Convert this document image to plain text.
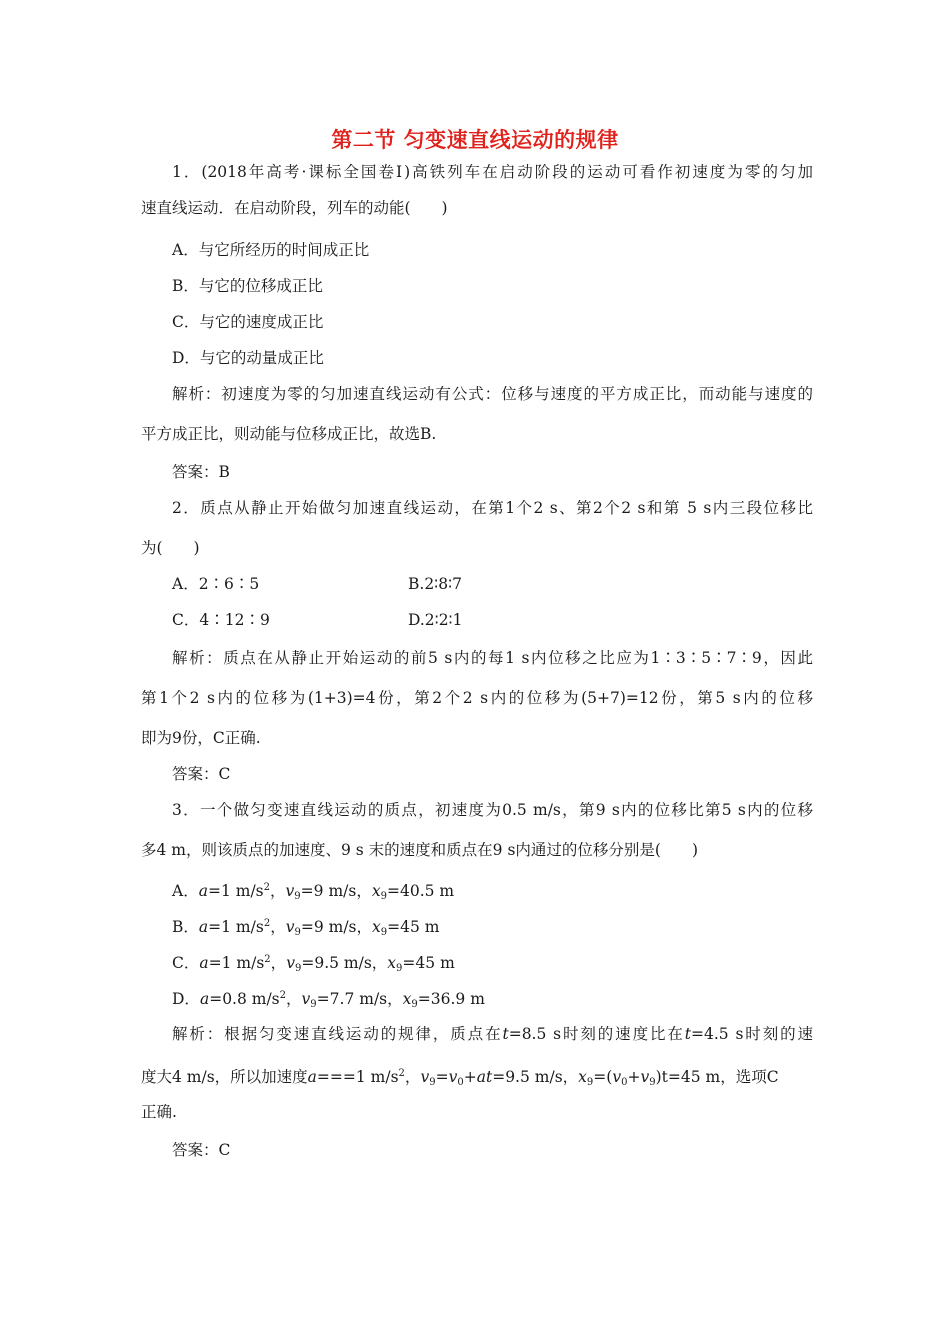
第二节 匀变速直线运动的规律
1．(2018年高考·课标全国卷Ⅰ)高铁列车在启动阶段的运动可看作初速度为零的匀加
速直线运动．在启动阶段，列车的动能(　　)
A．与它所经历的时间成正比
B．与它的位移成正比
C．与它的速度成正比
D．与它的动量成正比
解析：初速度为零的匀加速直线运动有公式：位移与速度的平方成正比，而动能与速度的
平方成正比，则动能与位移成正比，故选B.
答案：B
2．质点从静止开始做匀加速直线运动，在第1个2 s、第2个2 s和第 5 s内三段位移比
为(　　)
A．2∶6∶5	B.2∶8∶7
C．4∶12∶9	D.2∶2∶1
解析：质点在从静止开始运动的前5 s内的每1 s内位移之比应为1∶3∶5∶7∶9，因此
第1个2 s内的位移为(1+3)=4份，第2个2 s内的位移为(5+7)=12份，第5 s内的位移
即为9份，C正确.
答案：C
3．一个做匀变速直线运动的质点，初速度为0.5 m/s，第9 s内的位移比第5 s内的位移
多4 m，则该质点的加速度、9 s 末的速度和质点在9 s内通过的位移分别是(　　)
A．a=1 $m/s^2$，$v_9=9$ m/s，$x_9=40.5$ m
B．a=1 $m/s^2$，$v_9=9$ m/s，$x_9=45$ m
C．a=1 $m/s^2$，$v_9=9.5$ m/s，$x_9=45$ m
D．a=0.8 $m/s^2$，$v_9=7.7$ m/s，$x_9=36.9$ m
解析：根据匀变速直线运动的规律，质点在t=8.5 s时刻的速度比在t=4.5 s时刻的速
度大4 m/s，所以加速度a===1 $m/s^2$，$v_9=v_0+at=9.5$ m/s，$x_9=(v_0+v_9)t=45$ m，选项C
正确.
答案：C
